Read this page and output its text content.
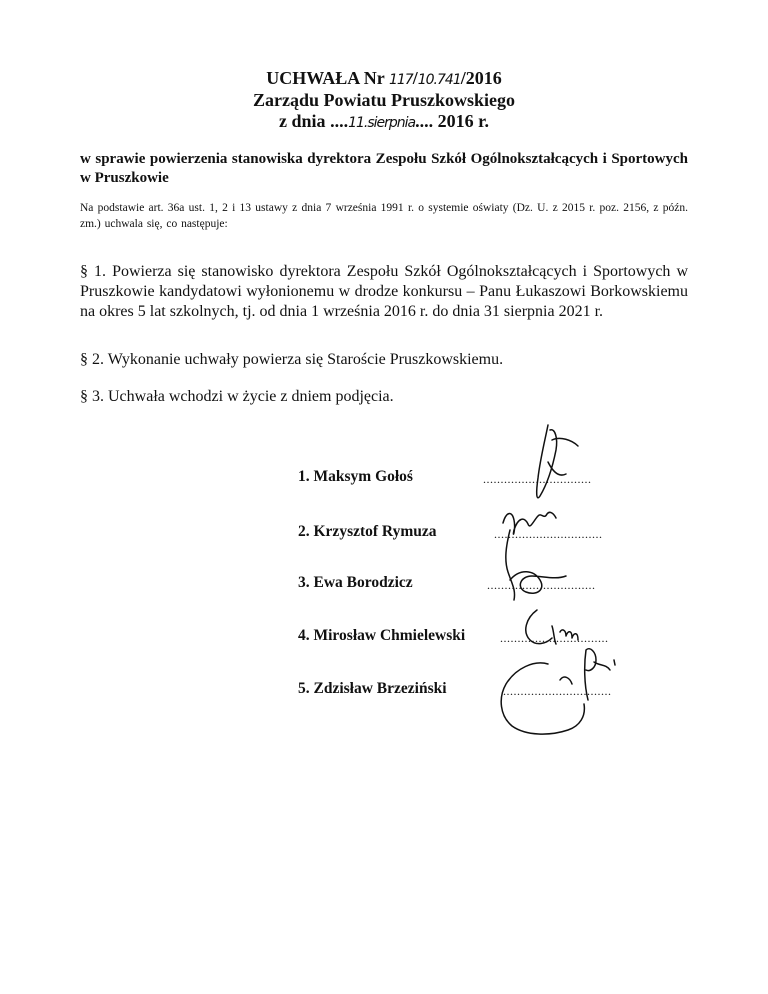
UCHWAŁA Nr 117/10.741/2016
Zarządu Powiatu Pruszkowskiego
z dnia ....11.sierpnia.... 2016 r.
w sprawie powierzenia stanowiska dyrektora Zespołu Szkół Ogólnokształcących i Sportowych w Pruszkowie
Na podstawie art. 36a ust. 1, 2 i 13 ustawy z dnia 7 września 1991 r. o systemie oświaty (Dz. U. z 2015 r. poz. 2156, z późn. zm.) uchwala się, co następuje:
§ 1. Powierza się stanowisko dyrektora Zespołu Szkół Ogólnokształcących i Sportowych w Pruszkowie kandydatowi wyłonionemu w drodze konkursu – Panu Łukaszowi Borkowskiemu na okres 5 lat szkolnych, tj. od dnia 1 września 2016 r. do dnia 31 sierpnia 2021 r.
§ 2. Wykonanie uchwały powierza się Staroście Pruszkowskiemu.
§ 3. Uchwała wchodzi w życie z dniem podjęcia.
1. Maksym Gołoś	...............................
2. Krzysztof Rymuza	...............................
3. Ewa Borodzicz	...............................
4. Mirosław Chmielewski	...............................
5. Zdzisław Brzeziński	...............................
